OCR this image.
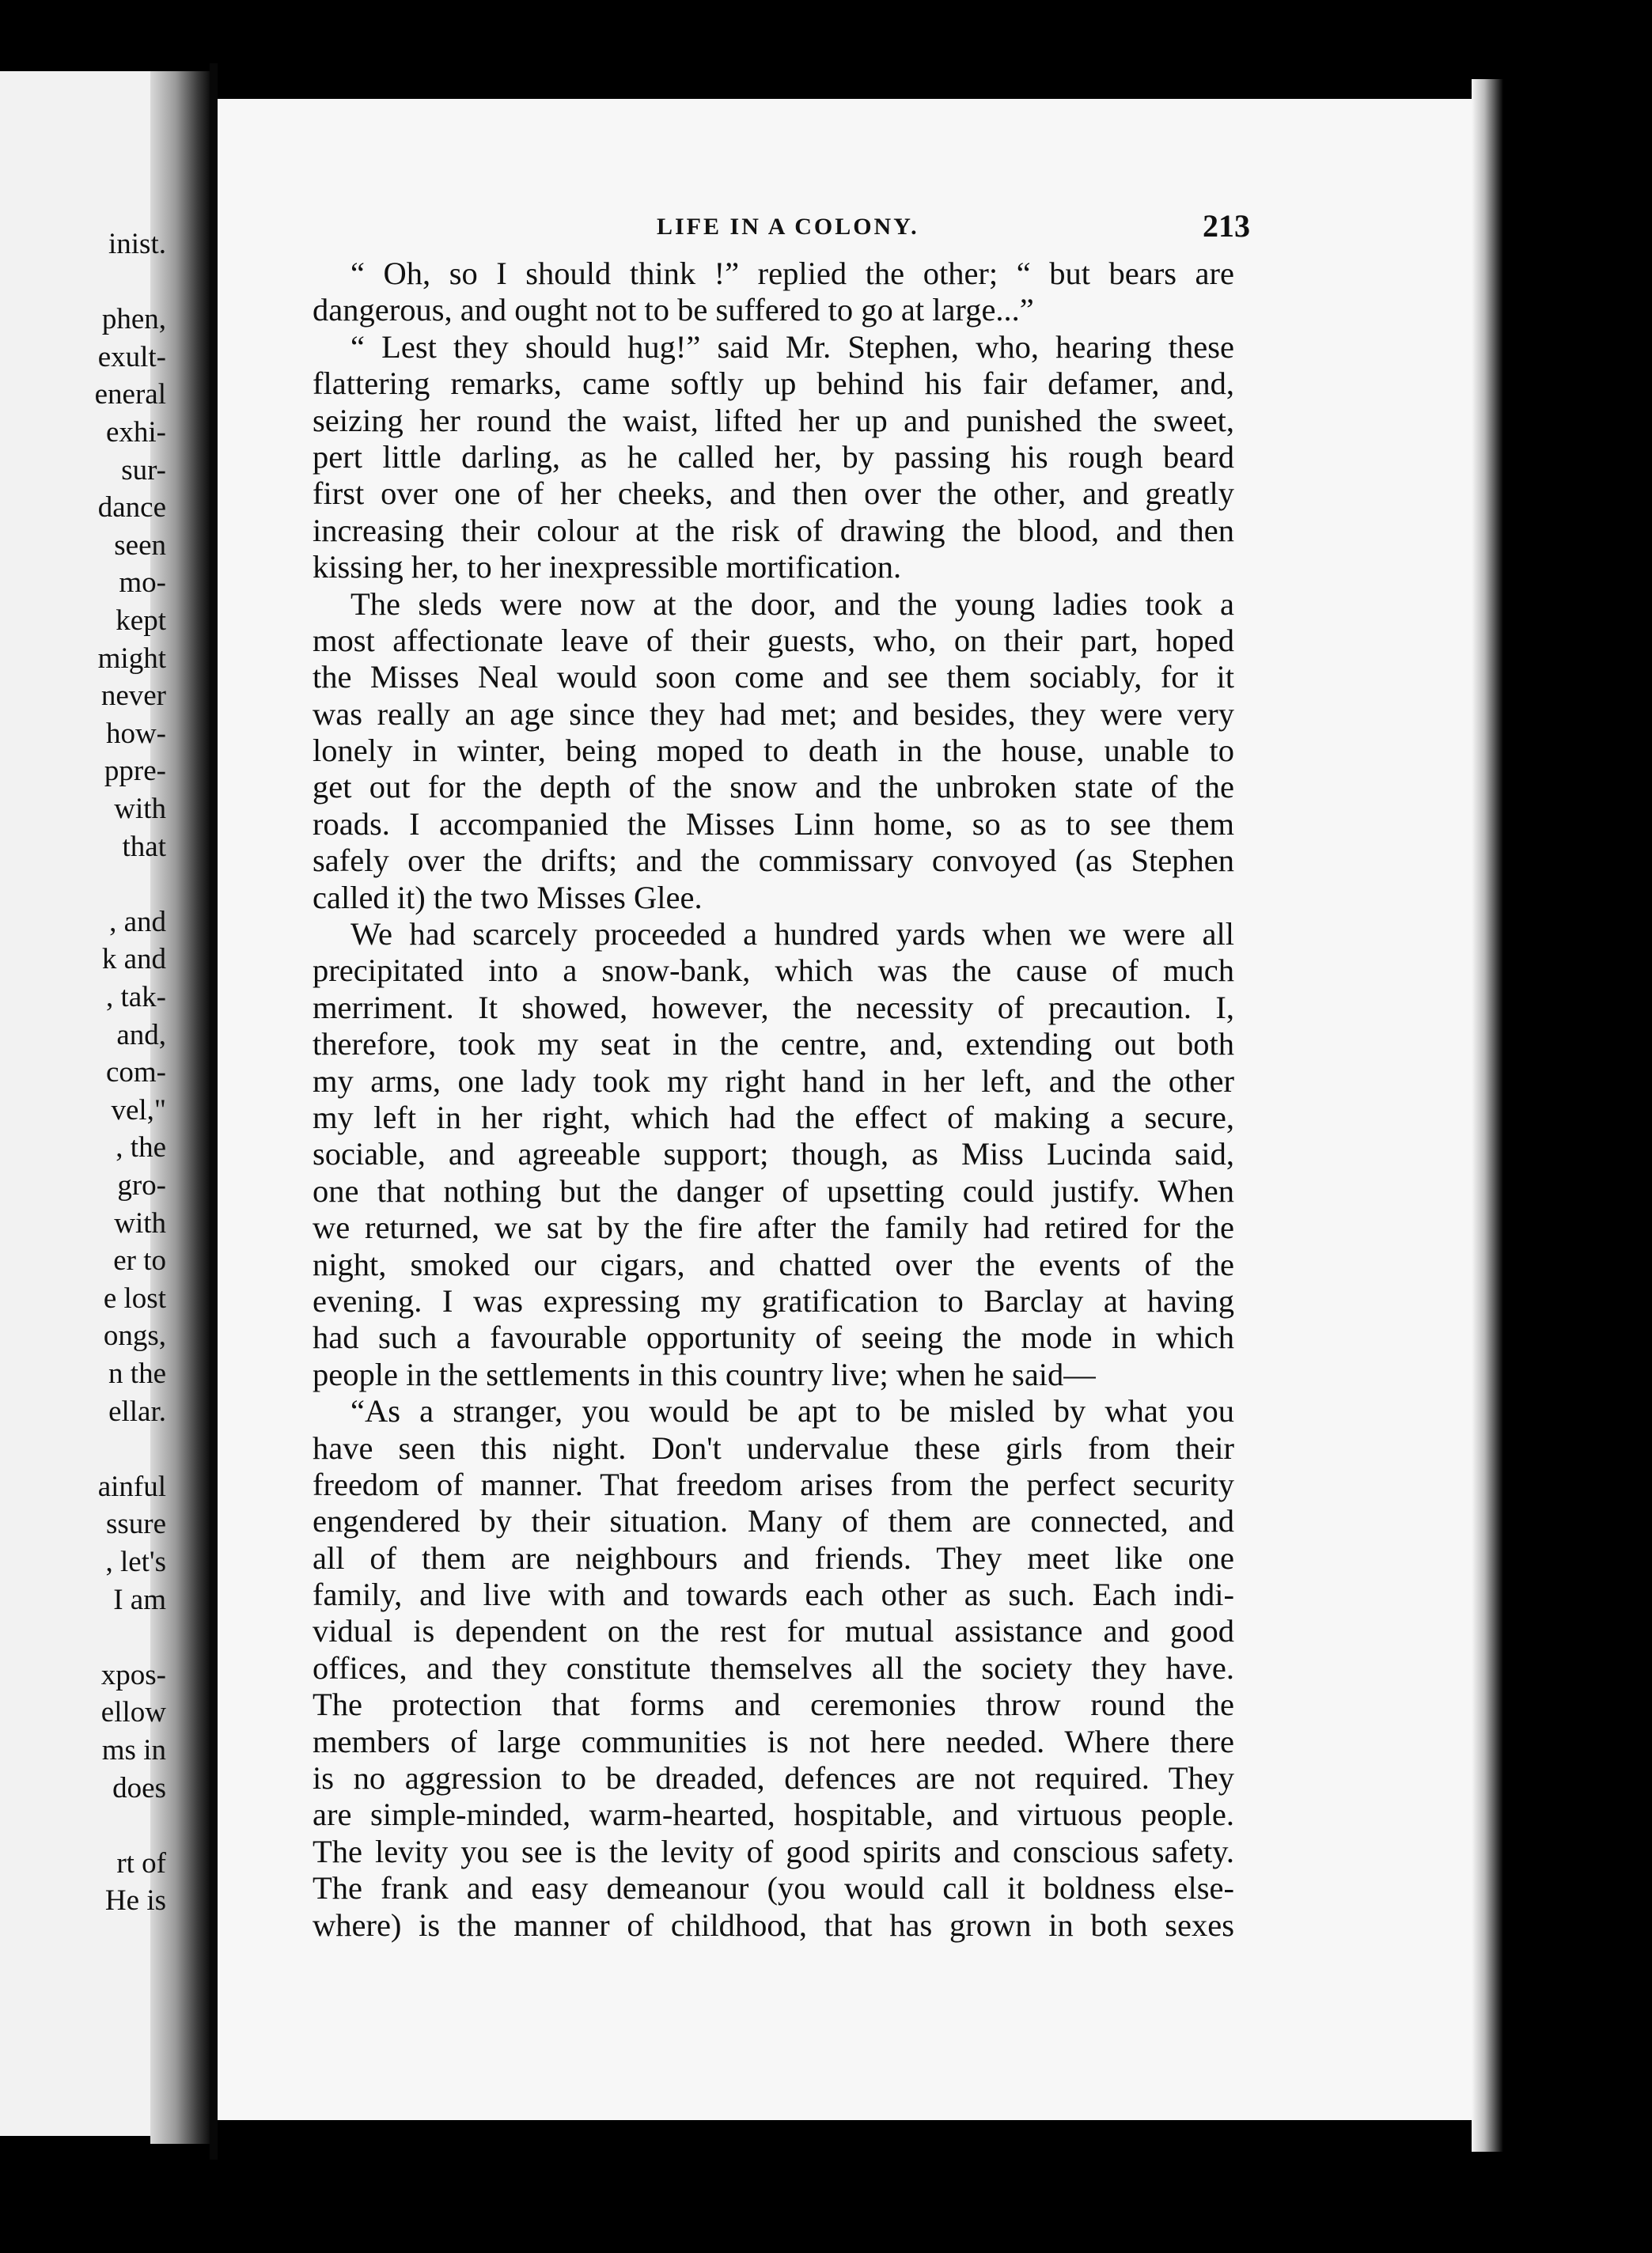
inist.
phen,
exult-
eneral
exhi-
sur-
dance
seen
mo-
kept
might
never
how-
ppre-
with
that
, and
k and
, tak-
and,
com-
vel,"
, the
gro-
with
er to
e lost
ongs,
n the
ellar.
ainful
ssure
, let's
I am
xpos-
ellow
ms in
does
rt of
He is
LIFE IN A COLONY.	213
“ Oh, so I should think !” replied the other; “ but bears are
dangerous, and ought not to be suffered to go at large...”
“ Lest they should hug!” said Mr. Stephen, who, hearing these
flattering remarks, came softly up behind his fair defamer, and,
seizing her round the waist, lifted her up and punished the sweet,
pert little darling, as he called her, by passing his rough beard
first over one of her cheeks, and then over the other, and greatly
increasing their colour at the risk of drawing the blood, and then
kissing her, to her inexpressible mortification.
The sleds were now at the door, and the young ladies took a
most affectionate leave of their guests, who, on their part, hoped
the Misses Neal would soon come and see them sociably, for it
was really an age since they had met; and besides, they were very
lonely in winter, being moped to death in the house, unable to
get out for the depth of the snow and the unbroken state of the
roads. I accompanied the Misses Linn home, so as to see them
safely over the drifts; and the commissary convoyed (as Stephen
called it) the two Misses Glee.
We had scarcely proceeded a hundred yards when we were all
precipitated into a snow-bank, which was the cause of much
merriment. It showed, however, the necessity of precaution. I,
therefore, took my seat in the centre, and, extending out both
my arms, one lady took my right hand in her left, and the other
my left in her right, which had the effect of making a secure,
sociable, and agreeable support; though, as Miss Lucinda said,
one that nothing but the danger of upsetting could justify. When
we returned, we sat by the fire after the family had retired for the
night, smoked our cigars, and chatted over the events of the
evening. I was expressing my gratification to Barclay at having
had such a favourable opportunity of seeing the mode in which
people in the settlements in this country live; when he said—
“As a stranger, you would be apt to be misled by what you
have seen this night. Don't undervalue these girls from their
freedom of manner. That freedom arises from the perfect security
engendered by their situation. Many of them are connected, and
all of them are neighbours and friends. They meet like one
family, and live with and towards each other as such. Each indi-
vidual is dependent on the rest for mutual assistance and good
offices, and they constitute themselves all the society they have.
The protection that forms and ceremonies throw round the
members of large communities is not here needed. Where there
is no aggression to be dreaded, defences are not required. They
are simple-minded, warm-hearted, hospitable, and virtuous people.
The levity you see is the levity of good spirits and conscious safety.
The frank and easy demeanour (you would call it boldness else-
where) is the manner of childhood, that has grown in both sexes
